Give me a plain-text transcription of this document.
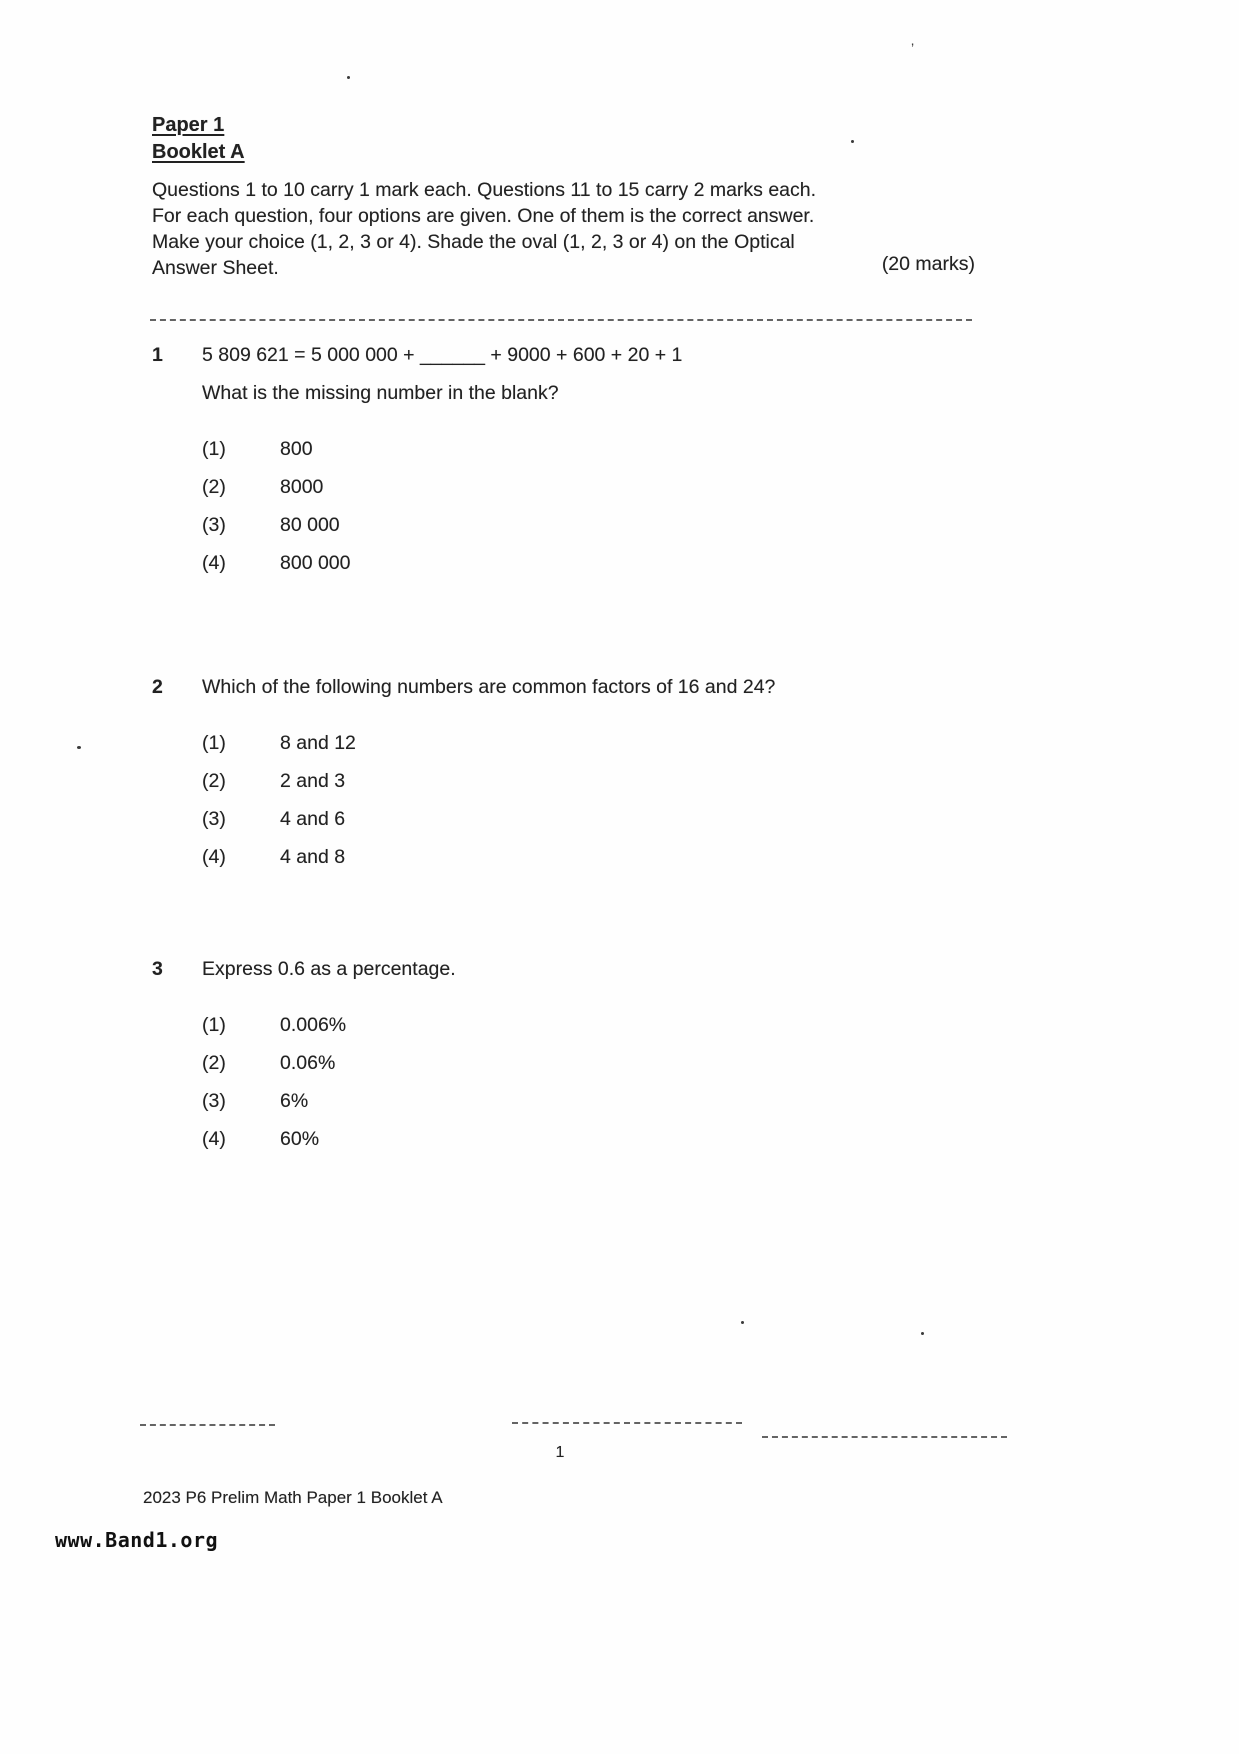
Paper 1
Booklet A
Questions 1 to 10 carry 1 mark each. Questions 11 to 15 carry 2 marks each.
For each question, four options are given. One of them is the correct answer.
Make your choice (1, 2, 3 or 4). Shade the oval (1, 2, 3 or 4) on the Optical
Answer Sheet.	(20 marks)
1	5 809 621 = 5 000 000 + ______ + 9000 + 600 + 20 + 1
What is the missing number in the blank?
(1)	800
(2)	8000
(3)	80 000
(4)	800 000
2	Which of the following numbers are common factors of 16 and 24?
(1)	8 and 12
(2)	2 and 3
(3)	4 and 6
(4)	4 and 8
3	Express 0.6 as a percentage.
(1)	0.006%
(2)	0.06%
(3)	6%
(4)	60%
1
2023 P6 Prelim Math Paper 1 Booklet A
www.Band1.org
’
